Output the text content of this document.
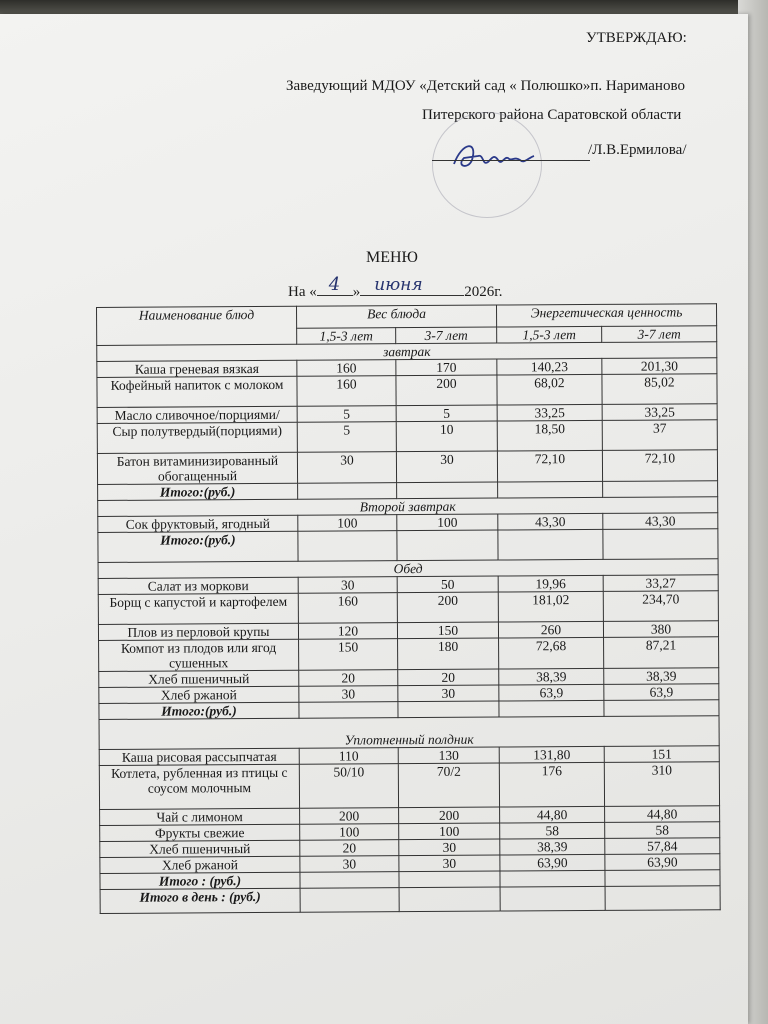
УТВЕРЖДАЮ:
Заведующий МДОУ «Детский сад « Полюшко»п. Нариманово
Питерского района Саратовской области
/Л.В.Ермилова/
МЕНЮ
На « 4 » июня	2026г.
Наименование блюд	Вес блюда		Энергетическая ценность	
	1,5-3 лет	3-7 лет	1,5-3 лет	3-7 лет
завтрак				
Каша греневая вязкая	160	170	140,23	201,30
Кофейный напиток с молоком	160	200	68,02	85,02
Масло сливочное/порциями/	5	5	33,25	33,25
Сыр полутвердый(порциями)	5	10	18,50	37
Батон витаминизированный обогащенный	30	30	72,10	72,10
Итого:(руб.)				
Второй завтрак				
Сок фруктовый, ягодный	100	100	43,30	43,30
Итого:(руб.)				
Обед				
Салат из моркови	30	50	19,96	33,27
Борщ с капустой и картофелем	160	200	181,02	234,70
Плов из перловой крупы	120	150	260	380
Компот из плодов или ягод сушенных	150	180	72,68	87,21
Хлеб пшеничный	20	20	38,39	38,39
Хлеб ржаной	30	30	63,9	63,9
Итого:(руб.)				
Уплотненный полдник				
Каша рисовая рассыпчатая	110	130	131,80	151
Котлета, рубленная из птицы с соусом молочным	50/10	70/2	176	310
Чай с лимоном	200	200	44,80	44,80
Фрукты свежие	100	100	58	58
Хлеб пшеничный	20	30	38,39	57,84
Хлеб ржаной	30	30	63,90	63,90
Итого : (руб.)				
Итого в день : (руб.)				
